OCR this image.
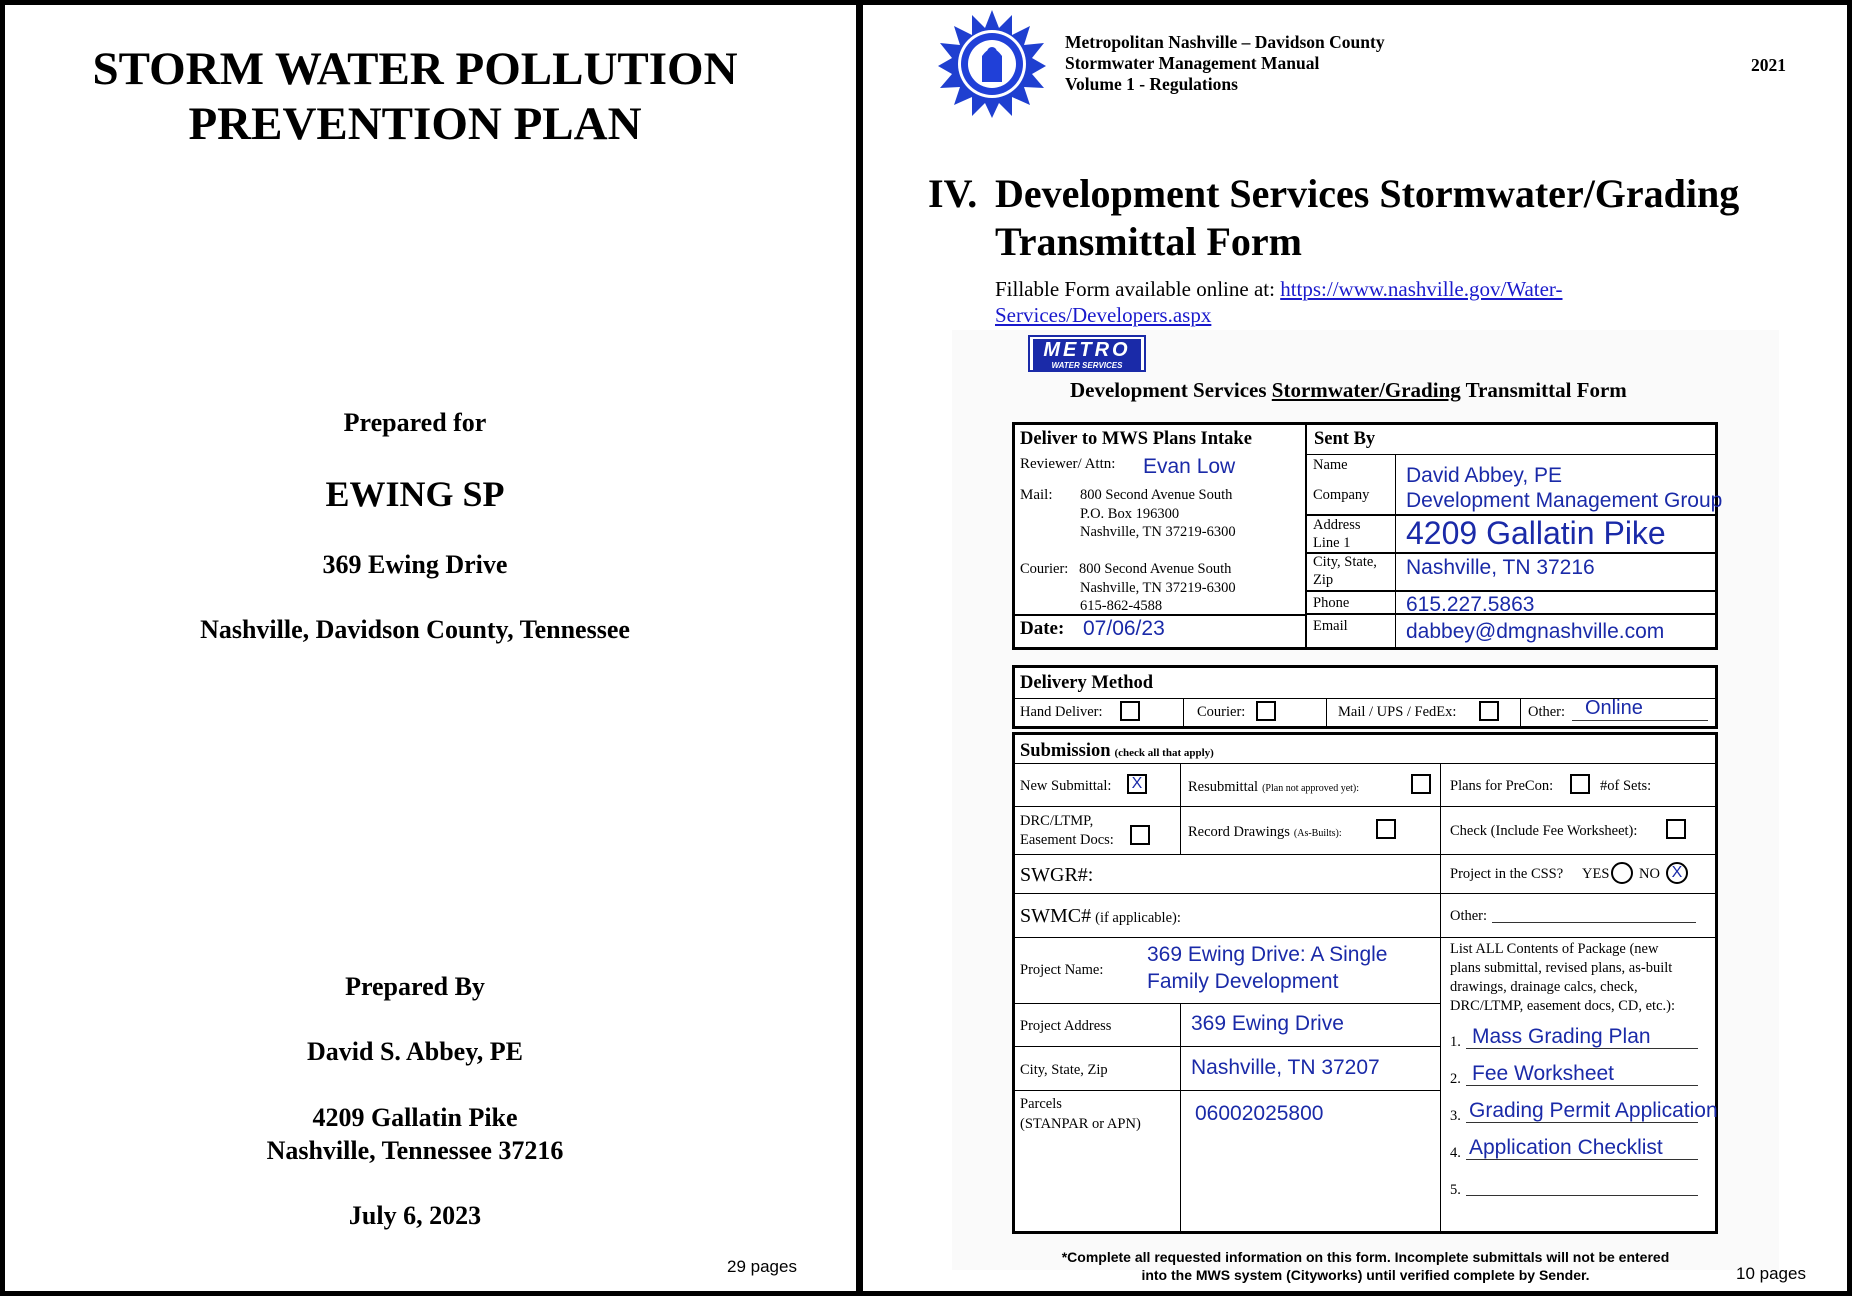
STORM WATER POLLUTION
PREVENTION PLAN
Prepared for
EWING SP
369 Ewing Drive
Nashville, Davidson County, Tennessee
Prepared By
David S. Abbey, PE
4209 Gallatin Pike
Nashville, Tennessee 37216
July 6, 2023
29 pages
Metropolitan Nashville – Davidson County
Stormwater Management Manual
Volume 1 - Regulations
2021
IV. Development Services Stormwater/Grading
Transmittal Form
Fillable Form available online at: https://www.nashville.gov/Water-
Services/Developers.aspx
METRO
WATER SERVICES
Development Services Stormwater/Grading Transmittal Form
Deliver to MWS Plans Intake
Reviewer/ Attn: Evan Low
Mail: 800 Second Avenue South
P.O. Box 196300
Nashville, TN 37219-6300
Courier: 800 Second Avenue South
Nashville, TN 37219-6300
615-862-4588
Date: 07/06/23
Sent By
Name	David Abbey, PE
Company Development Management Group
Address
Line 1 4209 Gallatin Pike
City, State,
Zip
Nashville, TN 37216
Phone	615.227.5863
Email	dabbey@dmgnashville.com
Delivery Method
Hand Deliver:	Courier:	Mail / UPS / FedEx:	Other: Online
Submission (check all that apply)
New Submittal: X	Resubmittal (Plan not approved yet):	Plans for PreCon:	#of Sets:
DRC/LTMP,
Easement Docs:	Record Drawings (As-Builts):	Check (Include Fee Worksheet):
SWGR#:	Project in the CSS? YES NO X
SWMC# (if applicable):	Other:
Project Name:
369 Ewing Drive: A Single
Family Development
Project Address	369 Ewing Drive
City, State, Zip	Nashville, TN 37207
Parcels
(STANPAR or APN)	06002025800
List ALL Contents of Package (new
plans submittal, revised plans, as-built
drawings, drainage calcs, check,
DRC/LTMP, easement docs, CD, etc.):
1. Mass Grading Plan
2. Fee Worksheet
3. Grading Permit Application
4. Application Checklist
5.
*Complete all requested information on this form. Incomplete submittals will not be entered
into the MWS system (Cityworks) until verified complete by Sender.	10 pages
